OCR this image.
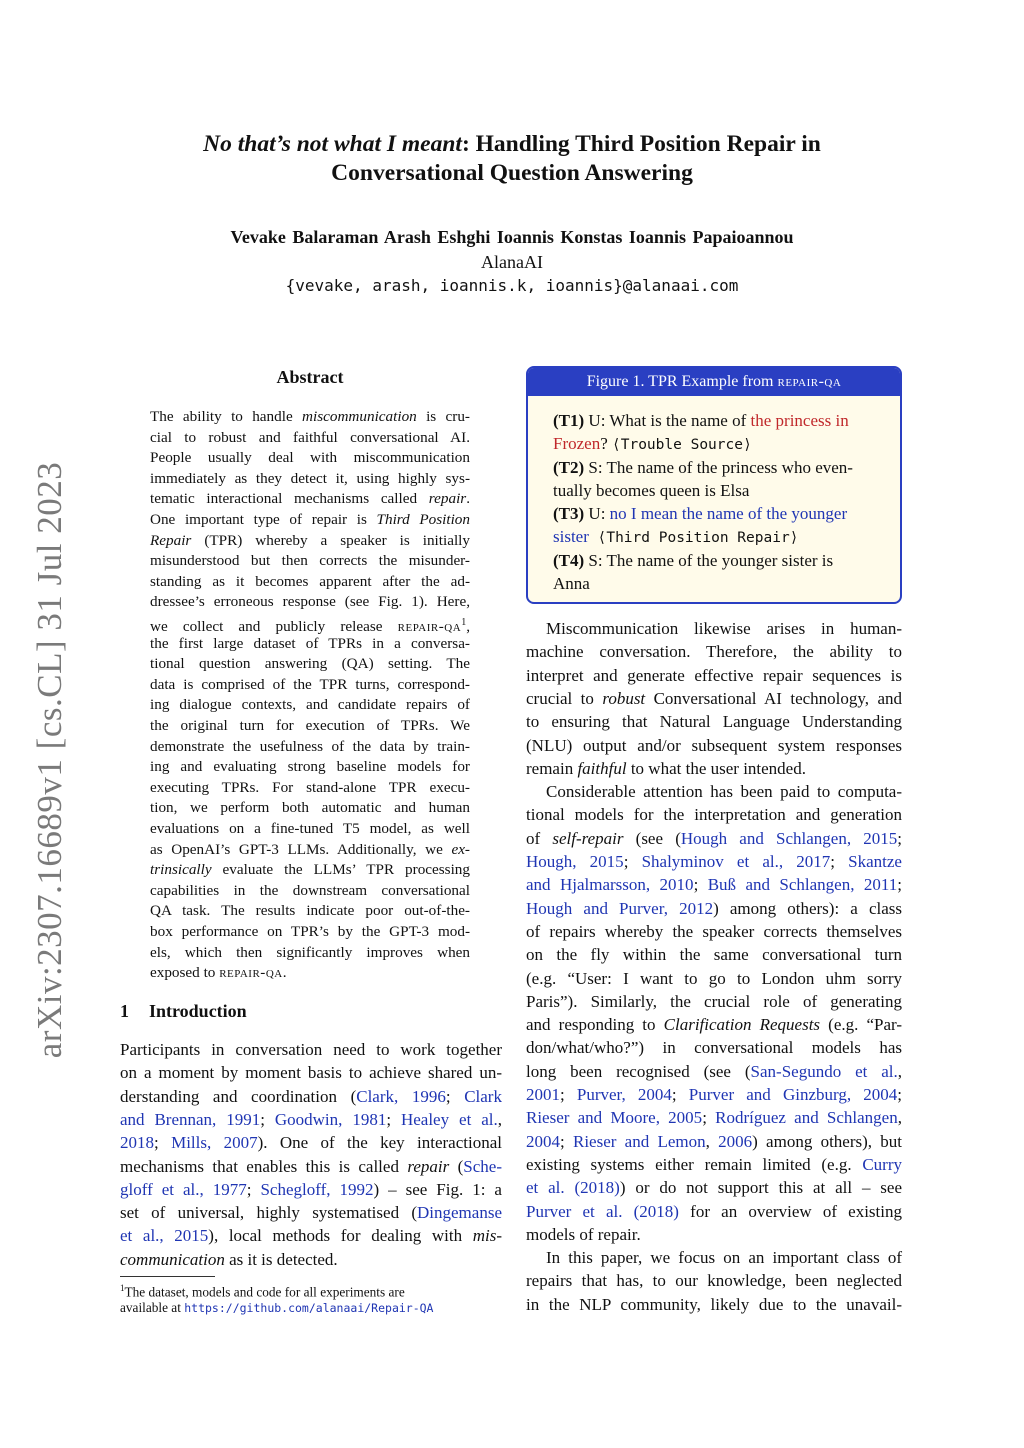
arXiv:2307.16689v1 [cs.CL] 31 Jul 2023
No that’s not what I meant: Handling Third Position Repair in
Conversational Question Answering
Vevake Balaraman Arash Eshghi Ioannis Konstas Ioannis Papaioannou
AlanaAI
{vevake, arash, ioannis.k, ioannis}@alanaai.com
Abstract
The ability to handle miscommunication is cru-
cial to robust and faithful conversational AI.
People usually deal with miscommunication
immediately as they detect it, using highly sys-
tematic interactional mechanisms called repair.
One important type of repair is Third Position
Repair (TPR) whereby a speaker is initially
misunderstood but then corrects the misunder-
standing as it becomes apparent after the ad-
dressee’s erroneous response (see Fig. 1). Here,
we collect and publicly release repair-$qa^1$,
the first large dataset of TPRs in a conversa-
tional question answering (QA) setting. The
data is comprised of the TPR turns, correspond-
ing dialogue contexts, and candidate repairs of
the original turn for execution of TPRs. We
demonstrate the usefulness of the data by train-
ing and evaluating strong baseline models for
executing TPRs. For stand-alone TPR execu-
tion, we perform both automatic and human
evaluations on a fine-tuned T5 model, as well
as OpenAI’s GPT-3 LLMs. Additionally, we ex-
trinsically evaluate the LLMs’ TPR processing
capabilities in the downstream conversational
QA task. The results indicate poor out-of-the-
box performance on TPR’s by the GPT-3 mod-
els, which then significantly improves when
exposed to repair-qa.
1 Introduction
Participants in conversation need to work together
on a moment by moment basis to achieve shared un-
derstanding and coordination (Clark, 1996; Clark
and Brennan, 1991; Goodwin, 1981; Healey et al.,
2018; Mills, 2007). One of the key interactional
mechanisms that enables this is called repair (Sche-
gloff et al., 1977; Schegloff, 1992) – see Fig. 1: a
set of universal, highly systematised (Dingemanse
et al., 2015), local methods for dealing with mis-
communication as it is detected.
$^1$The dataset, models and code for all experiments are
available at https://github.com/alanaai/Repair-QA
Figure 1. TPR Example from repair-qa
(T1) U: What is the name of the princess in
Frozen? ⟨Trouble Source⟩
(T2) S: The name of the princess who even-
tually becomes queen is Elsa
(T3) U: no I mean the name of the younger
sister ⟨Third Position Repair⟩
(T4) S: The name of the younger sister is
Anna
Miscommunication likewise arises in human-
machine conversation. Therefore, the ability to
interpret and generate effective repair sequences is
crucial to robust Conversational AI technology, and
to ensuring that Natural Language Understanding
(NLU) output and/or subsequent system responses
remain faithful to what the user intended.
Considerable attention has been paid to computa-
tional models for the interpretation and generation
of self-repair (see (Hough and Schlangen, 2015;
Hough, 2015; Shalyminov et al., 2017; Skantze
and Hjalmarsson, 2010; Buß and Schlangen, 2011;
Hough and Purver, 2012) among others): a class
of repairs whereby the speaker corrects themselves
on the fly within the same conversational turn
(e.g. “User: I want to go to London uhm sorry
Paris”). Similarly, the crucial role of generating
and responding to Clarification Requests (e.g. “Par-
don/what/who?”) in conversational models has
long been recognised (see (San-Segundo et al.,
2001; Purver, 2004; Purver and Ginzburg, 2004;
Rieser and Moore, 2005; Rodríguez and Schlangen,
2004; Rieser and Lemon, 2006) among others), but
existing systems either remain limited (e.g. Curry
et al. (2018)) or do not support this at all – see
Purver et al. (2018) for an overview of existing
models of repair.
In this paper, we focus on an important class of
repairs that has, to our knowledge, been neglected
in the NLP community, likely due to the unavail-
